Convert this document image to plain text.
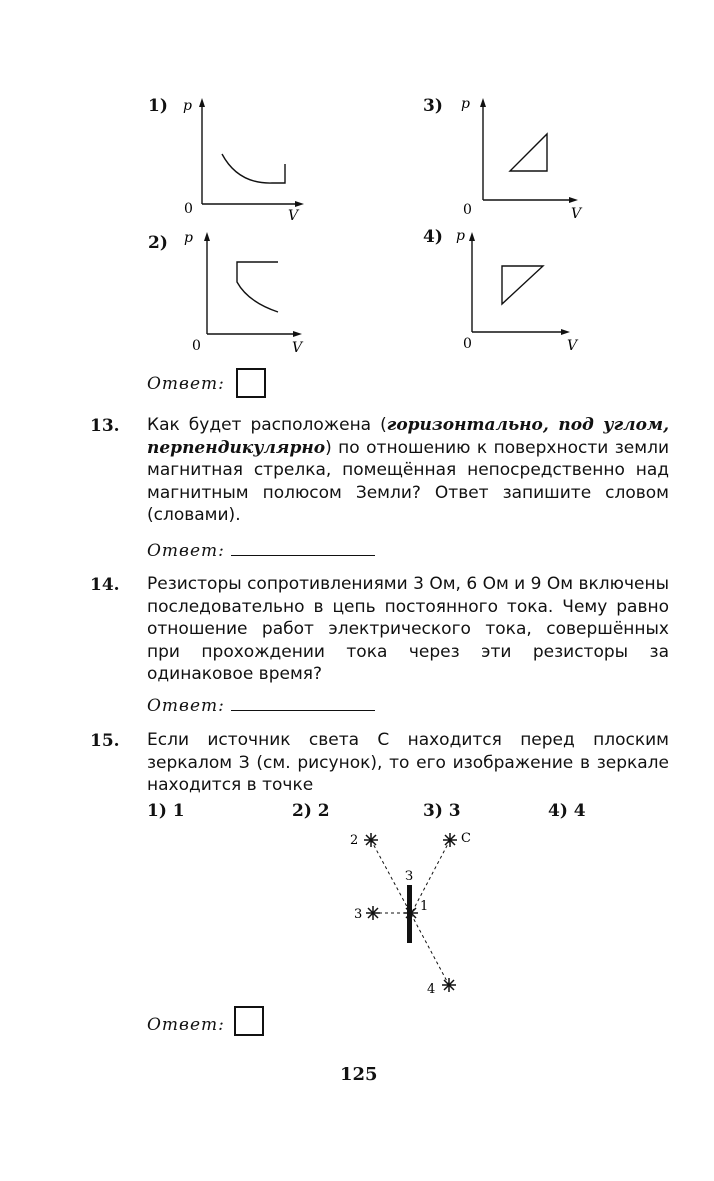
1) p
V
0
2) p
V
0
3) p
V
0
4) p
V
0
Ответ:
13. Как будет расположена (горизонтально, под углом, перпендикулярно) по отношению к поверхности земли магнитная стрелка, помещённая непосредственно над магнитным полюсом Земли? Ответ запишите словом (словами).
Ответ:
14. Резисторы сопротивлениями 3 Ом, 6 Ом и 9 Ом включены последовательно в цепь постоянного тока. Чему равно отношение работ электрического тока, совершённых при прохождении тока через эти резисторы за одинаковое время?
Ответ:
15. Если источник света С находится перед плоским зеркалом З (см. рисунок), то его изображение в зеркале находится в точке
1) 1	2) 2	3) 3	4) 4
2	С
З
1
3
4
Ответ:
125
